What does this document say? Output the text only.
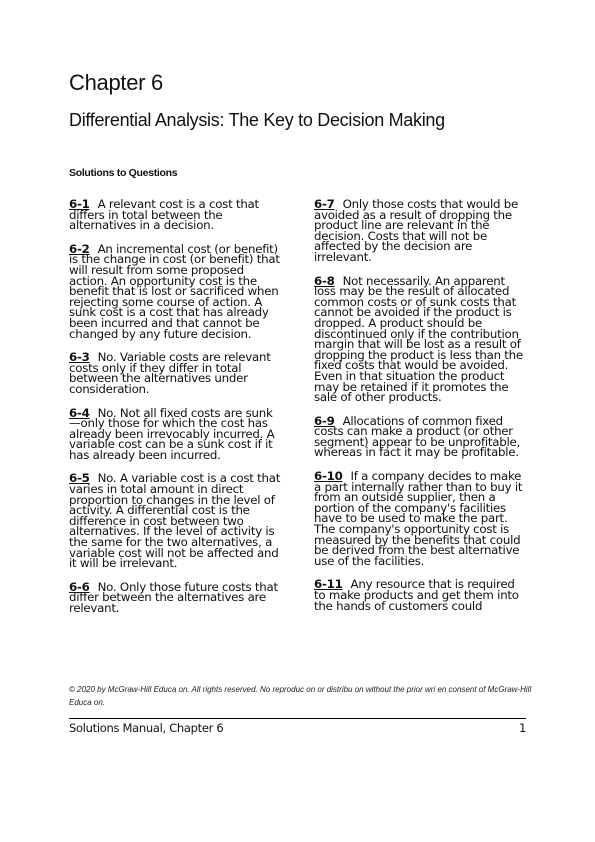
Chapter 6
Differential Analysis: The Key to Decision Making
Solutions to Questions

6-1 A relevant cost is a cost that differs in total between the alternatives in a decision.

6-2 An incremental cost (or benefit) is the change in cost (or benefit) that will result from some proposed action. An opportunity cost is the benefit that is lost or sacrificed when rejecting some course of action. A sunk cost is a cost that has already been incurred and that cannot be changed by any future decision.

6-3 No. Variable costs are relevant costs only if they differ in total between the alternatives under consideration.

6-4 No. Not all fixed costs are sunk—only those for which the cost has already been irrevocably incurred. A variable cost can be a sunk cost if it has already been incurred.

6-5 No. A variable cost is a cost that varies in total amount in direct proportion to changes in the level of activity. A differential cost is the difference in cost between two alternatives. If the level of activity is the same for the two alternatives, a variable cost will not be affected and it will be irrelevant.

6-6 No. Only those future costs that differ between the alternatives are relevant.

6-7 Only those costs that would be avoided as a result of dropping the product line are relevant in the decision. Costs that will not be affected by the decision are irrelevant.

6-8 Not necessarily. An apparent loss may be the result of allocated common costs or of sunk costs that cannot be avoided if the product is dropped. A product should be discontinued only if the contribution margin that will be lost as a result of dropping the product is less than the fixed costs that would be avoided. Even in that situation the product may be retained if it promotes the sale of other products.

6-9 Allocations of common fixed costs can make a product (or other segment) appear to be unprofitable, whereas in fact it may be profitable.

6-10 If a company decides to make a part internally rather than to buy it from an outside supplier, then a portion of the company's facilities have to be used to make the part. The company's opportunity cost is measured by the benefits that could be derived from the best alternative use of the facilities.

6-11 Any resource that is required to make products and get them into the hands of customers could

© 2020 by McGraw-Hill Educa on. All rights reserved. No reproduc on or distribu on without the prior wri en consent of McGraw-Hill Educa on.
Solutions Manual, Chapter 6	1
